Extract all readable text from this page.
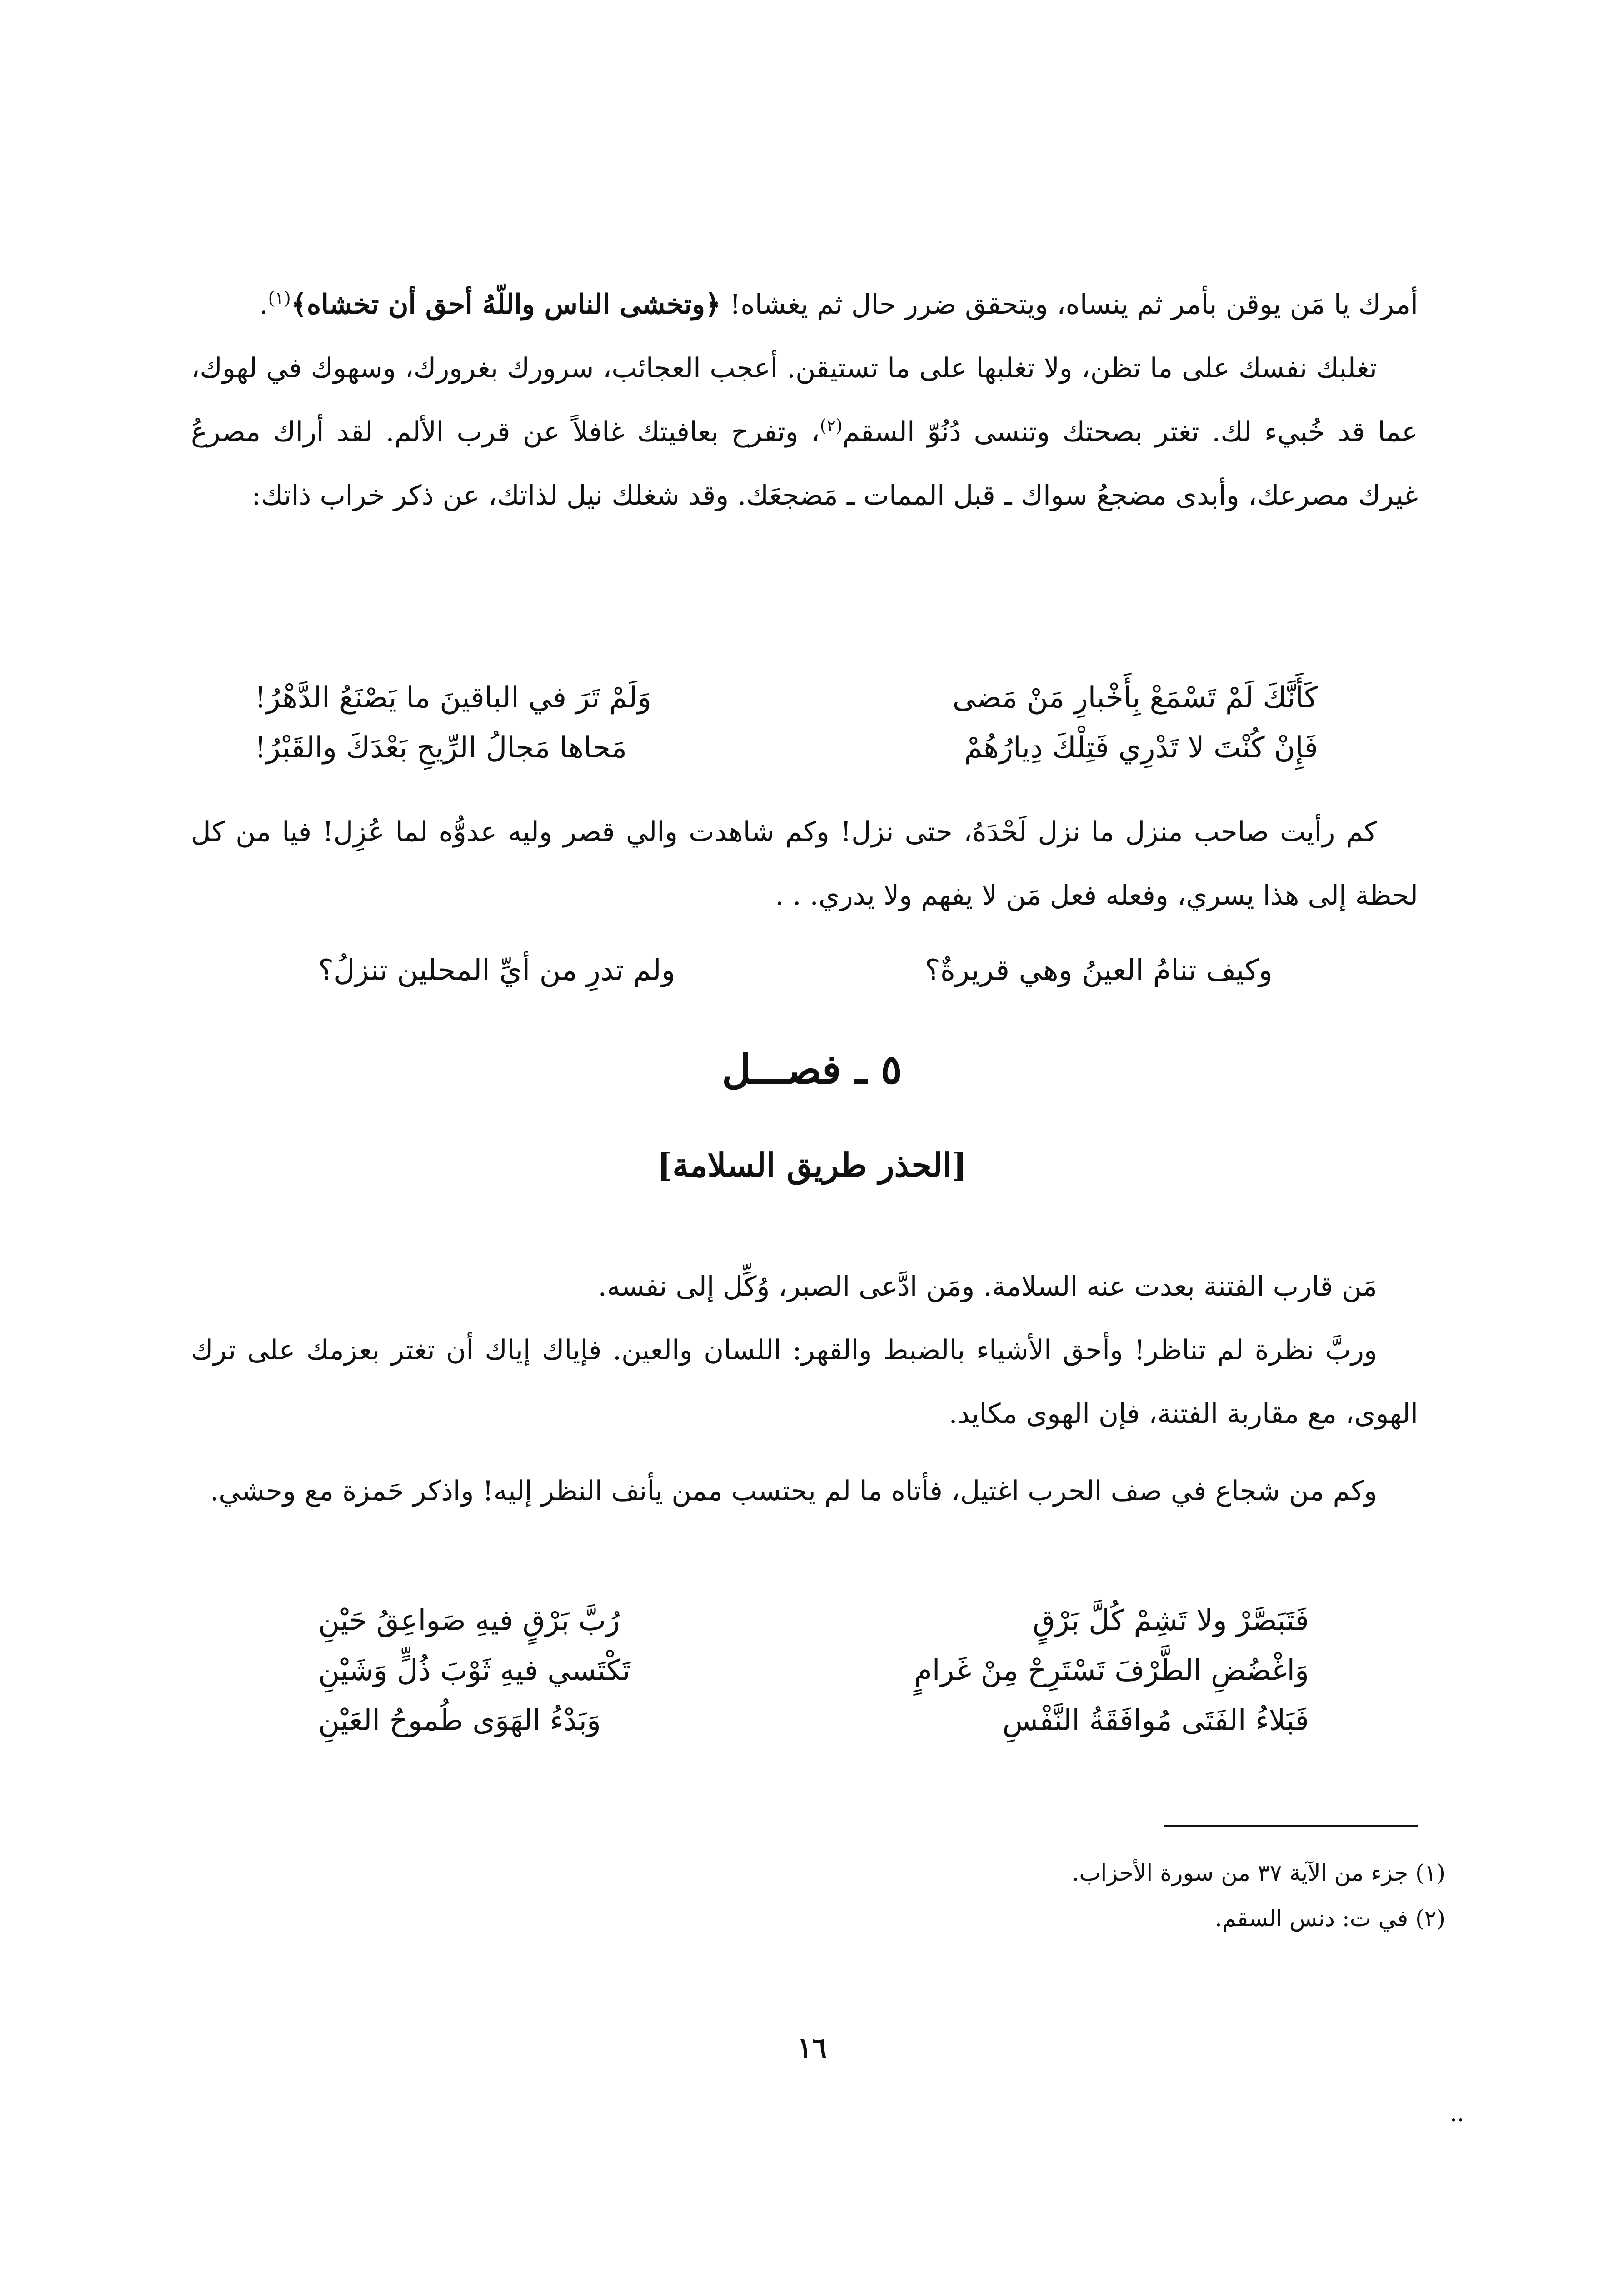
أمرك يا مَن يوقن بأمر ثم ينساه، ويتحقق ضرر حال ثم يغشاه! ﴿وتخشى الناس واللّهُ أحق أن تخشاه﴾$^{(١)}$.

تغلبك نفسك على ما تظن، ولا تغلبها على ما تستيقن. أعجب العجائب، سرورك بغرورك، وسهوك في لهوك، عما قد خُبيء لك. تغتر بصحتك وتنسى دُنُوّ السقم$^{(٢)}$، وتفرح بعافيتك غافلاً عن قرب الألم. لقد أراك مصرعُ غيرك مصرعك، وأبدى مضجعُ سواك ـ قبل الممات ـ مَضجعَك. وقد شغلك نيل لذاتك، عن ذكر خراب ذاتك:

كَأَنَّكَ لَمْ تَسْمَعْ بِأَخْبارِ مَنْ مَضى
وَلَمْ تَرَ في الباقينَ ما يَصْنَعُ الدَّهْرُ!
فَإِنْ كُنْتَ لا تَدْرِي فَتِلْكَ دِيارُهُمْ
مَحاها مَجالُ الرِّيحِ بَعْدَكَ والقَبْرُ!
كم رأيت صاحب منزل ما نزل لَحْدَهُ، حتى نزل! وكم شاهدت والي قصر وليه عدوُّه لما عُزِل! فيا من كل لحظة إلى هذا يسري، وفعله فعل مَن لا يفهم ولا يدري. . .
وكيف تنامُ العينُ وهي قريرةٌ؟
ولم تدرِ من أيِّ المحلين تنزلُ؟
٥ ـ فصـــل
[الحذر طريق السلامة]

مَن قارب الفتنة بعدت عنه السلامة. ومَن ادَّعى الصبر، وُكِّل إلى نفسه.

وربَّ نظرة لم تناظر! وأحق الأشياء بالضبط والقهر: اللسان والعين. فإياك إياك أن تغتر بعزمك على ترك الهوى، مع مقاربة الفتنة، فإن الهوى مكايد.

وكم من شجاع في صف الحرب اغتيل، فأتاه ما لم يحتسب ممن يأنف النظر إليه! واذكر حَمزة مع وحشي.

فَتَبَصَّرْ ولا تَشِمْ كُلَّ بَرْقٍ
رُبَّ بَرْقٍ فيهِ صَواعِقُ حَيْنِ
وَاغْضُضِ الطَّرْفَ تَسْتَرِحْ مِنْ غَرامٍ
تَكْتَسي فيهِ ثَوْبَ ذُلٍّ وَشَيْنِ
فَبَلاءُ الفَتَى مُوافَقَةُ النَّفْسِ
وَبَدْءُ الهَوَى طُموحُ العَيْنِ
(١) جزء من الآية ٣٧ من سورة الأحزاب.
(٢) في ت: دنس السقم.
١٦
..
